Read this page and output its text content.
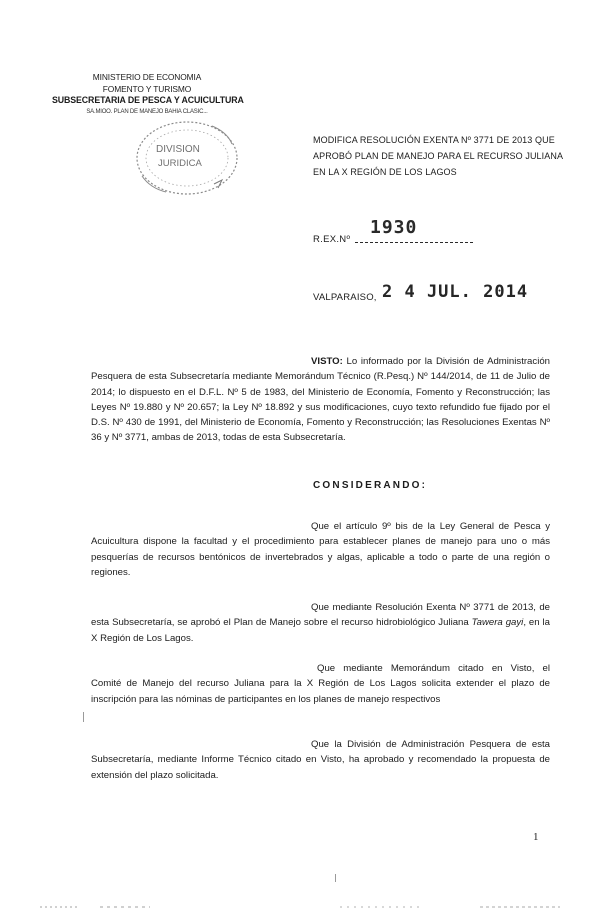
MINISTERIO DE ECONOMIA
FOMENTO Y TURISMO
SUBSECRETARIA DE PESCA Y ACUICULTURA
SA.MIOO. PLAN DE MANEJO BAHIA CLASIC...
DIVISION
JURIDICA
MODIFICA RESOLUCIÓN EXENTA Nº 3771 DE 2013 QUE
APROBÓ PLAN DE MANEJO PARA EL RECURSO JULIANA
EN LA X REGIÓN DE LOS LAGOS
R.EX.Nº
1930
VALPARAISO, 2 4 JUL. 2014
VISTO: Lo informado por la División de Administración Pesquera de esta Subsecretaría mediante Memorándum Técnico (R.Pesq.) Nº 144/2014, de 11 de Julio de 2014; lo dispuesto en el D.F.L. Nº 5 de 1983, del Ministerio de Economía, Fomento y Reconstrucción; las Leyes Nº 19.880 y Nº 20.657; la Ley Nº 18.892 y sus modificaciones, cuyo texto refundido fue fijado por el D.S. Nº 430 de 1991, del Ministerio de Economía, Fomento y Reconstrucción; las Resoluciones Exentas Nº 36 y Nº 3771, ambas de 2013, todas de esta Subsecretaría.
CONSIDERANDO:
Que el artículo 9º bis de la Ley General de Pesca y Acuicultura dispone la facultad y el procedimiento para establecer planes de manejo para uno o más pesquerías de recursos bentónicos de invertebrados y algas, aplicable a todo o parte de una región o regiones.
Que mediante Resolución Exenta Nº 3771 de 2013, de esta Subsecretaría, se aprobó el Plan de Manejo sobre el recurso hidrobiológico Juliana Tawera gayi, en la X Región de Los Lagos.
Que mediante Memorándum citado en Visto, el Comité de Manejo del recurso Juliana para la X Región de Los Lagos solicita extender el plazo de inscripción para las nóminas de participantes en los planes de manejo respectivos
Que la División de Administración Pesquera de esta Subsecretaría, mediante Informe Técnico citado en Visto, ha aprobado y recomendado la propuesta de extensión del plazo solicitada.
1
